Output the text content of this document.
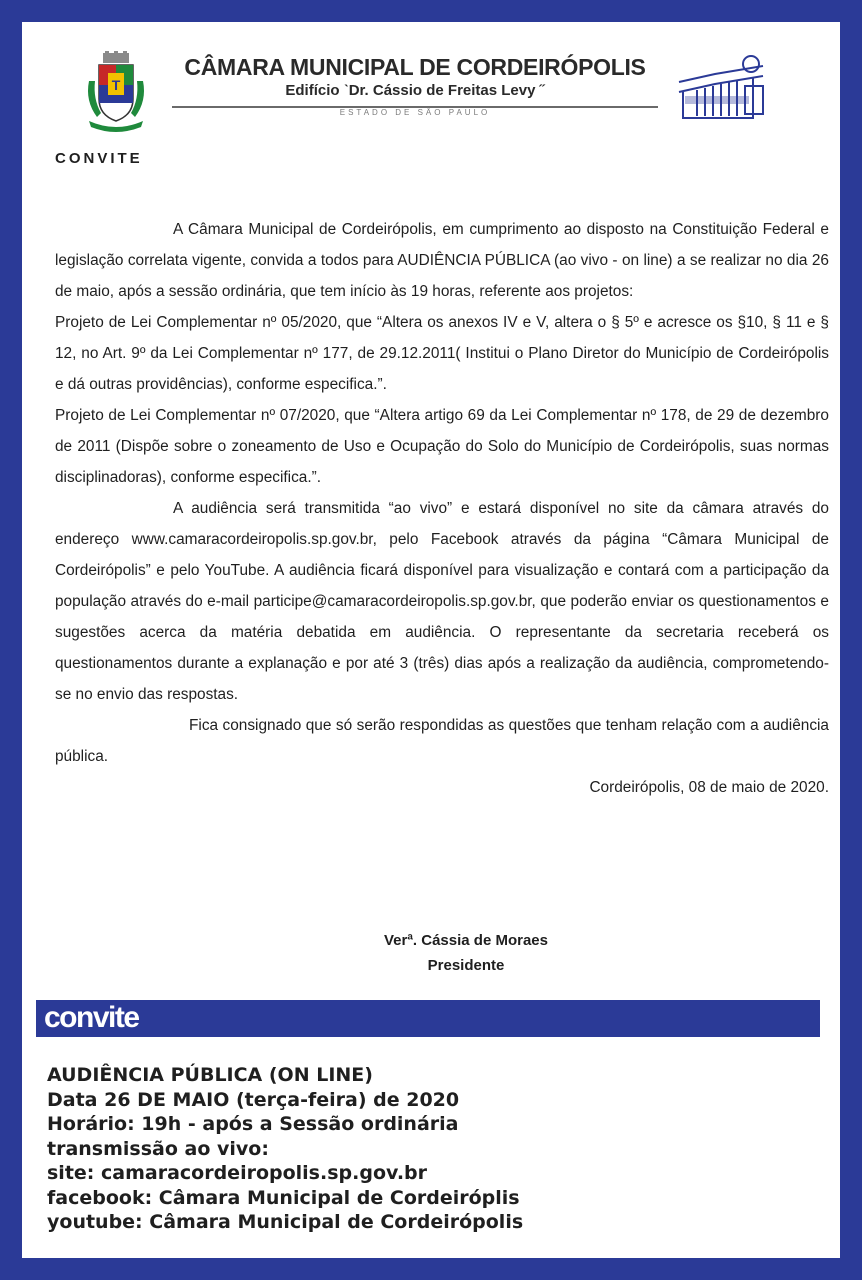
T
CÂMARA MUNICIPAL DE CORDEIRÓPOLIS
Edifício ˋDr. Cássio de Freitas Levy ˝
ESTADO DE SÃO PAULO
CONVITE

A Câmara Municipal de Cordeirópolis, em cumprimento ao disposto na Constituição Federal e legislação correlata vigente, convida a todos para AUDIÊNCIA PÚBLICA (ao vivo - on line) a se realizar no dia 26 de maio, após a sessão ordinária, que tem início às 19 horas, referente aos projetos:

Projeto de Lei Complementar nº 05/2020, que “Altera os anexos IV e V, altera o § 5º e acresce os §10, § 11 e § 12, no Art. 9º da Lei Complementar nº 177, de 29.12.2011( Institui o Plano Diretor do Município de Cordeirópolis e dá outras providências), conforme especifica.”.

Projeto de Lei Complementar nº 07/2020, que “Altera artigo 69 da Lei Complementar nº 178, de 29 de dezembro de 2011 (Dispõe sobre o zoneamento de Uso e Ocupação do Solo do Município de Cordeirópolis, suas normas disciplinadoras), conforme especifica.”.

A audiência será transmitida “ao vivo” e estará disponível no site da câmara através do endereço www.camaracordeiropolis.sp.gov.br, pelo Facebook através da página “Câmara Municipal de Cordeirópolis” e pelo YouTube. A audiência ficará disponível para visualização e contará com a participação da população através do e-mail participe@camaracordeiropolis.sp.gov.br, que poderão enviar os questionamentos e sugestões acerca da matéria debatida em audiência. O representante da secretaria receberá os questionamentos durante a explanação e por até 3 (três) dias após a realização da audiência, comprometendo-se no envio das respostas.

Fica consignado que só serão respondidas as questões que tenham relação com a audiência pública.

Cordeirópolis, 08 de maio de 2020.

Verª. Cássia de Moraes
Presidente
convite
AUDIÊNCIA PÚBLICA (ON LINE)
Data 26 DE MAIO (terça-feira) de 2020
Horário: 19h - após a Sessão ordinária
transmissão ao vivo:
site: camaracordeiropolis.sp.gov.br
facebook: Câmara Municipal de Cordeiróplis
youtube: Câmara Municipal de Cordeirópolis
